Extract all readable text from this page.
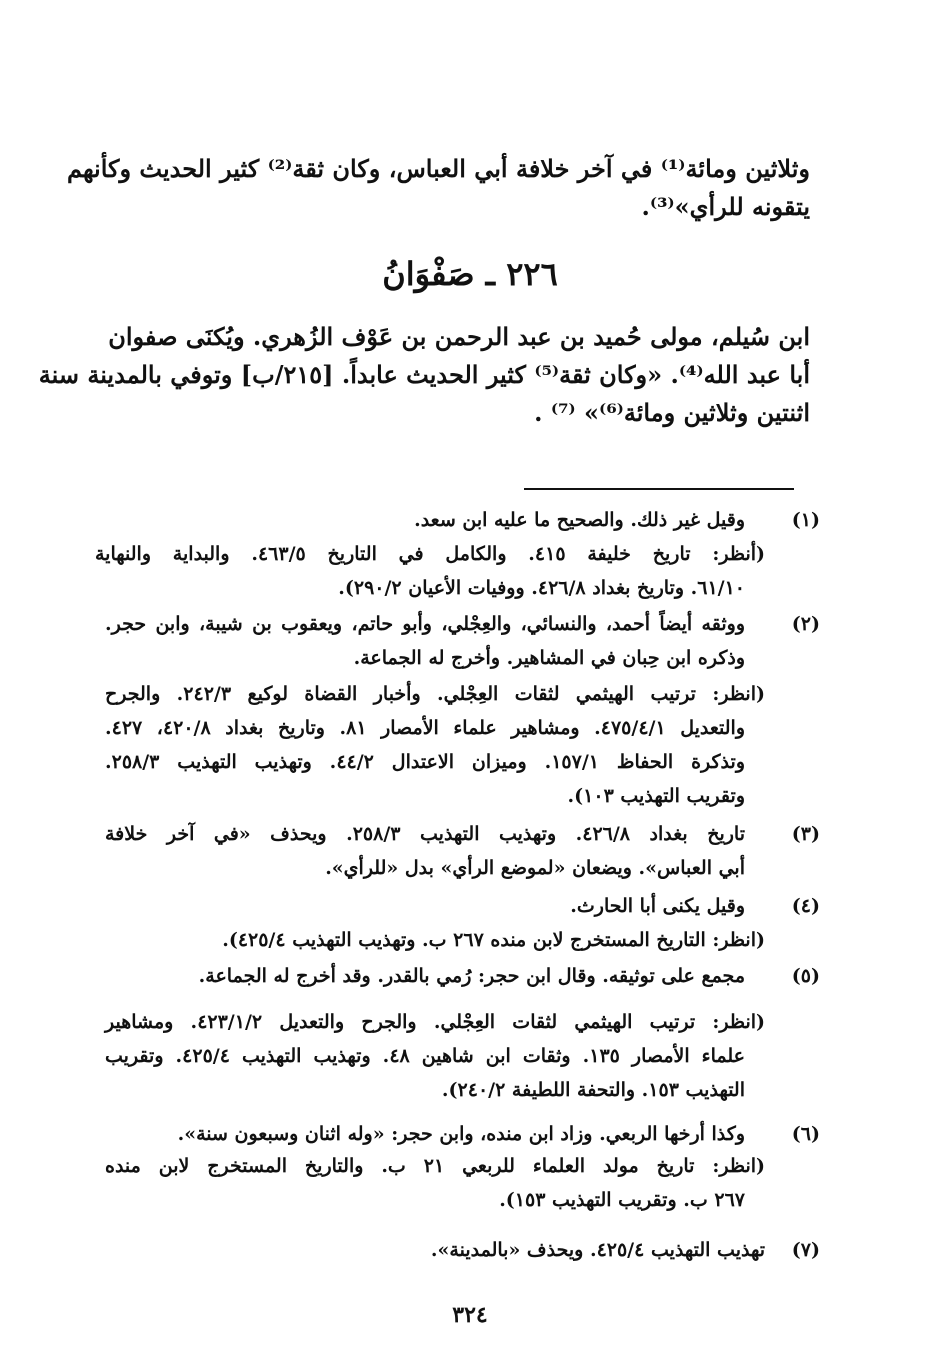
وثلاثين ومائة⁽¹⁾ في آخر خلافة أبي العباس، وكان ثقة⁽²⁾ كثير الحديث وكأنهم
يتقونه للرأي»⁽³⁾.
٢٢٦ ـ صَفْوَانُ
ابن سُيلم، مولى حُميد بن عبد الرحمن بن عَوْف الزُهري. ويُكنَى صفوان
أبا عبد الله⁽⁴⁾. «وكان ثقة⁽⁵⁾ كثير الحديث عابداً. [٢١٥/ب] وتوفي بالمدينة سنة
اثنتين وثلاثين ومائة⁽⁶⁾» ⁽⁷⁾ .
(١)
وقيل غير ذلك. والصحيح ما عليه ابن سعد.
(أنظر: تاريخ خليفة ٤١٥. والكامل في التاريخ ٤٦٣/٥. والبداية والنهاية
٦١/١٠. وتاريخ بغداد ٤٢٦/٨. ووفيات الأعيان ٢٩٠/٢).
(٢)
ووثقه أيضاً أحمد، والنسائي، والعِجْلي، وأبو حاتم، ويعقوب بن شيبة، وابن حجر.
وذكره ابن حِبان في المشاهير. وأخرج له الجماعة.
(انظر: ترتيب الهيثمي لثقات العِجْلي. وأخبار القضاة لوكيع ٢٤٢/٣. والجرح
والتعديل ٤٧٥/٤/١. ومشاهير علماء الأمصار ٨١. وتاريخ بغداد ٤٢٠/٨، ٤٢٧.
وتذكرة الحفاظ ١٥٧/١. وميزان الاعتدال ٤٤/٢. وتهذيب التهذيب ٢٥٨/٣.
وتقريب التهذيب ١٠٣).
(٣)
تاريخ بغداد ٤٢٦/٨. وتهذيب التهذيب ٢٥٨/٣. ويحذف «في آخر خلافة
أبي العباس». ويضعان «لموضع الرأي» بدل «للرأي».
(٤)
وقيل يكنى أبا الحارث.
(انظر: التاريخ المستخرج لابن منده ٢٦٧ ب. وتهذيب التهذيب ٤٢٥/٤).
(٥)
مجمع على توثيقه. وقال ابن حجر: رُمي بالقدر. وقد أخرج له الجماعة.
(انظر: ترتيب الهيثمي لثقات العِجْلي. والجرح والتعديل ٤٢٣/١/٢. ومشاهير
علماء الأمصار ١٣٥. وثقات ابن شاهين ٤٨. وتهذيب التهذيب ٤٢٥/٤. وتقريب
التهذيب ١٥٣. والتحفة اللطيفة ٢٤٠/٢).
(٦)
وكذا أرخها الربعي. وزاد ابن منده، وابن حجر: «وله اثنان وسبعون سنة».
(انظر: تاريخ مولد العلماء للربعي ٢١ ب. والتاريخ المستخرج لابن منده
٢٦٧ ب. وتقريب التهذيب ١٥٣).
(٧)
تهذيب التهذيب ٤٢٥/٤. ويحذف «بالمدينة».
٣٢٤
